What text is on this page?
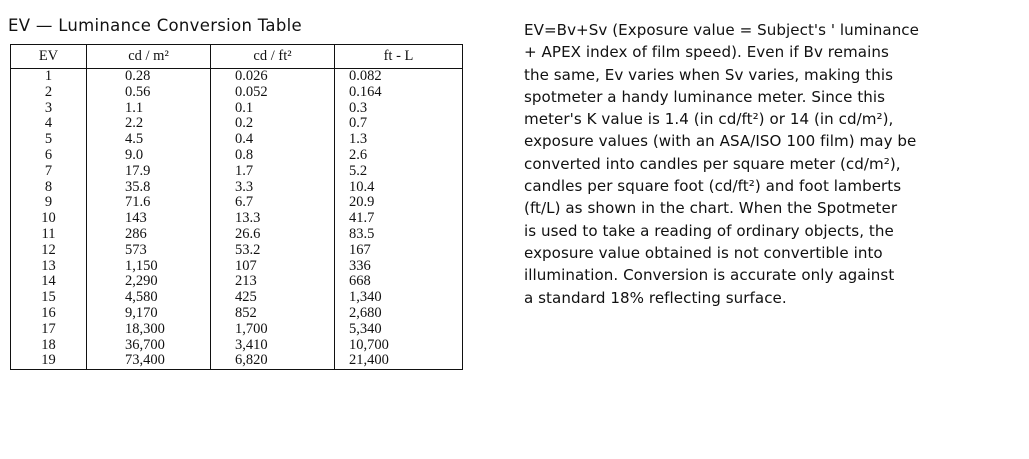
EV — Luminance Conversion Table
EV	cd / m²	cd / ft²	ft - L
1	0.28	0.026	0.082
2	0.56	0.052	0.164
3	1.1	0.1	0.3
4	2.2	0.2	0.7
5	4.5	0.4	1.3
6	9.0	0.8	2.6
7	17.9	1.7	5.2
8	35.8	3.3	10.4
9	71.6	6.7	20.9
10	143	13.3	41.7
11	286	26.6	83.5
12	573	53.2	167
13	1,150	107	336
14	2,290	213	668
15	4,580	425	1,340
16	9,170	852	2,680
17	18,300	1,700	5,340
18	36,700	3,410	10,700
19	73,400	6,820	21,400
EV=Bv+Sv (Exposure value = Subject's ' luminance
+ APEX index of film speed). Even if Bv remains
the same, Ev varies when Sv varies, making this
spotmeter a handy luminance meter. Since this
meter's K value is 1.4 (in cd/ft²) or 14 (in cd/m²),
exposure values (with an ASA/ISO 100 film) may be
converted into candles per square meter (cd/m²),
candles per square foot (cd/ft²) and foot lamberts
(ft/L) as shown in the chart. When the Spotmeter
is used to take a reading of ordinary objects, the
exposure value obtained is not convertible into
illumination. Conversion is accurate only against
a standard 18% reflecting surface.
